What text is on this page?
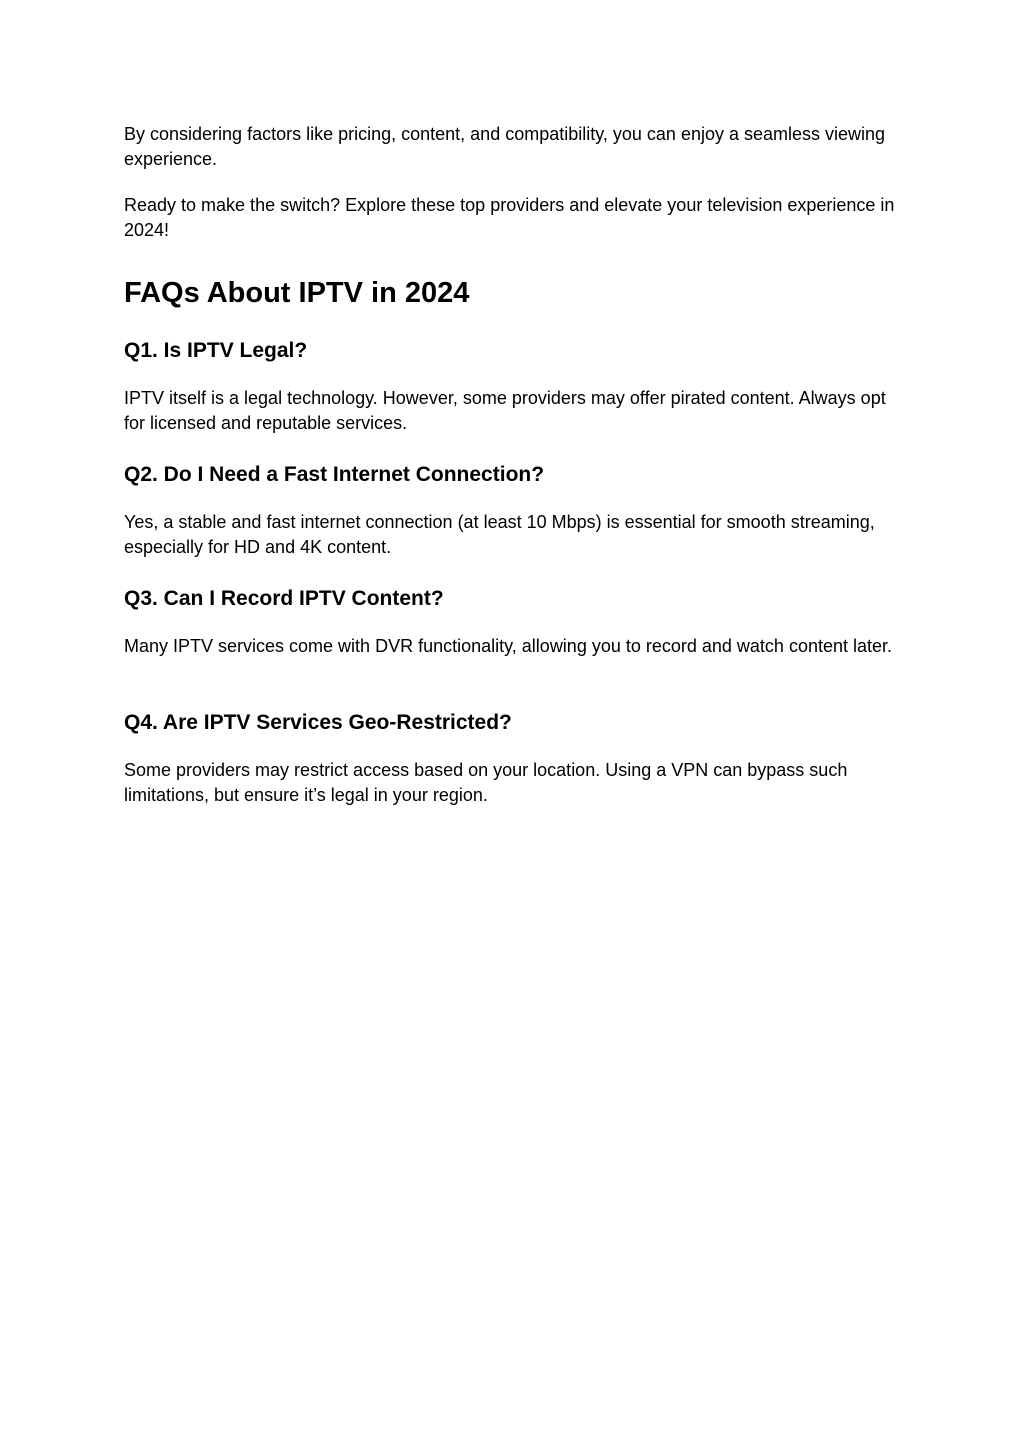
By considering factors like pricing, content, and compatibility, you can enjoy a seamless viewing experience.

Ready to make the switch? Explore these top providers and elevate your television experience in 2024!

FAQs About IPTV in 2024
Q1. Is IPTV Legal?

IPTV itself is a legal technology. However, some providers may offer pirated content. Always opt for licensed and reputable services.

Q2. Do I Need a Fast Internet Connection?

Yes, a stable and fast internet connection (at least 10 Mbps) is essential for smooth streaming, especially for HD and 4K content.

Q3. Can I Record IPTV Content?

Many IPTV services come with DVR functionality, allowing you to record and watch content later.

Q4. Are IPTV Services Geo-Restricted?

Some providers may restrict access based on your location. Using a VPN can bypass such limitations, but ensure it’s legal in your region.
